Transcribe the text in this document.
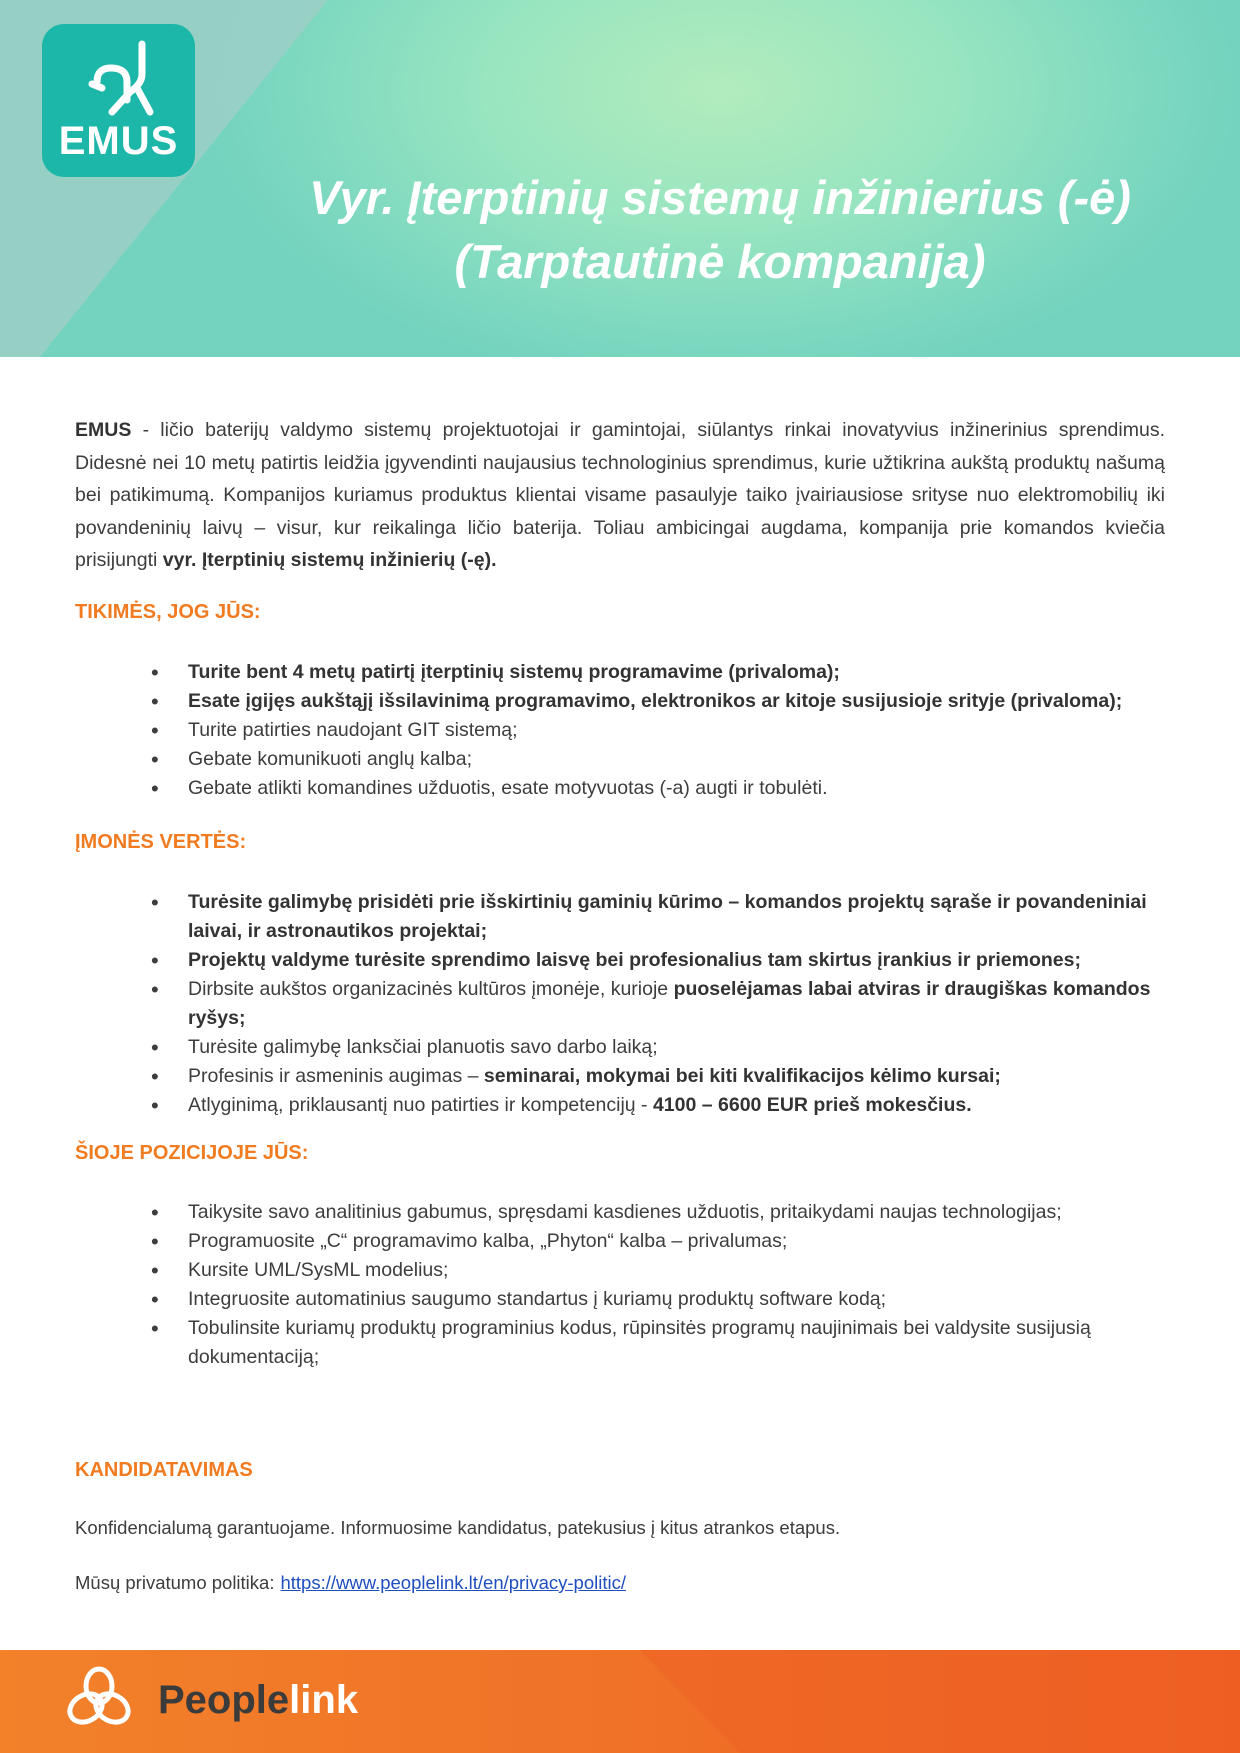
EMUS
Vyr. Įterptinių sistemų inžinierius (-ė)
(Tarptautinė kompanija)

EMUS - ličio baterijų valdymo sistemų projektuotojai ir gamintojai, siūlantys rinkai inovatyvius inžinerinius sprendimus. Didesnė nei 10 metų patirtis leidžia įgyvendinti naujausius technologinius sprendimus, kurie užtikrina aukštą produktų našumą bei patikimumą. Kompanijos kuriamus produktus klientai visame pasaulyje taiko įvairiausiose srityse nuo elektromobilių iki povandeninių laivų – visur, kur reikalinga ličio baterija. Toliau ambicingai augdama, kompanija prie komandos kviečia prisijungti vyr. Įterptinių sistemų inžinierių (-ę).

TIKIMĖS, JOG JŪS:
• Turite bent 4 metų patirtį įterptinių sistemų programavime (privaloma);
• Esate įgijęs aukštąjį išsilavinimą programavimo, elektronikos ar kitoje susijusioje srityje (privaloma);
• Turite patirties naudojant GIT sistemą;
• Gebate komunikuoti anglų kalba;
• Gebate atlikti komandines užduotis, esate motyvuotas (-a) augti ir tobulėti.
ĮMONĖS VERTĖS:
• Turėsite galimybę prisidėti prie išskirtinių gaminių kūrimo – komandos projektų sąraše ir povandeniniai laivai, ir astronautikos projektai;
• Projektų valdyme turėsite sprendimo laisvę bei profesionalius tam skirtus įrankius ir priemones;
• Dirbsite aukštos organizacinės kultūros įmonėje, kurioje puoselėjamas labai atviras ir draugiškas komandos ryšys;
• Turėsite galimybę lanksčiai planuotis savo darbo laiką;
• Profesinis ir asmeninis augimas – seminarai, mokymai bei kiti kvalifikacijos kėlimo kursai;
• Atlyginimą, priklausantį nuo patirties ir kompetencijų - 4100 – 6600 EUR prieš mokesčius.
ŠIOJE POZICIJOJE JŪS:
• Taikysite savo analitinius gabumus, spręsdami kasdienes užduotis, pritaikydami naujas technologijas;
• Programuosite „C“ programavimo kalba, „Phyton“ kalba – privalumas;
• Kursite UML/SysML modelius;
• Integruosite automatinius saugumo standartus į kuriamų produktų software kodą;
• Tobulinsite kuriamų produktų programinius kodus, rūpinsitės programų naujinimais bei valdysite susijusią dokumentaciją;
KANDIDATAVIMAS

Konfidencialumą garantuojame. Informuosime kandidatus, patekusius į kitus atrankos etapus.

Mūsų privatumo politika: https://www.peoplelink.lt/en/privacy-politic/

Peoplelink
